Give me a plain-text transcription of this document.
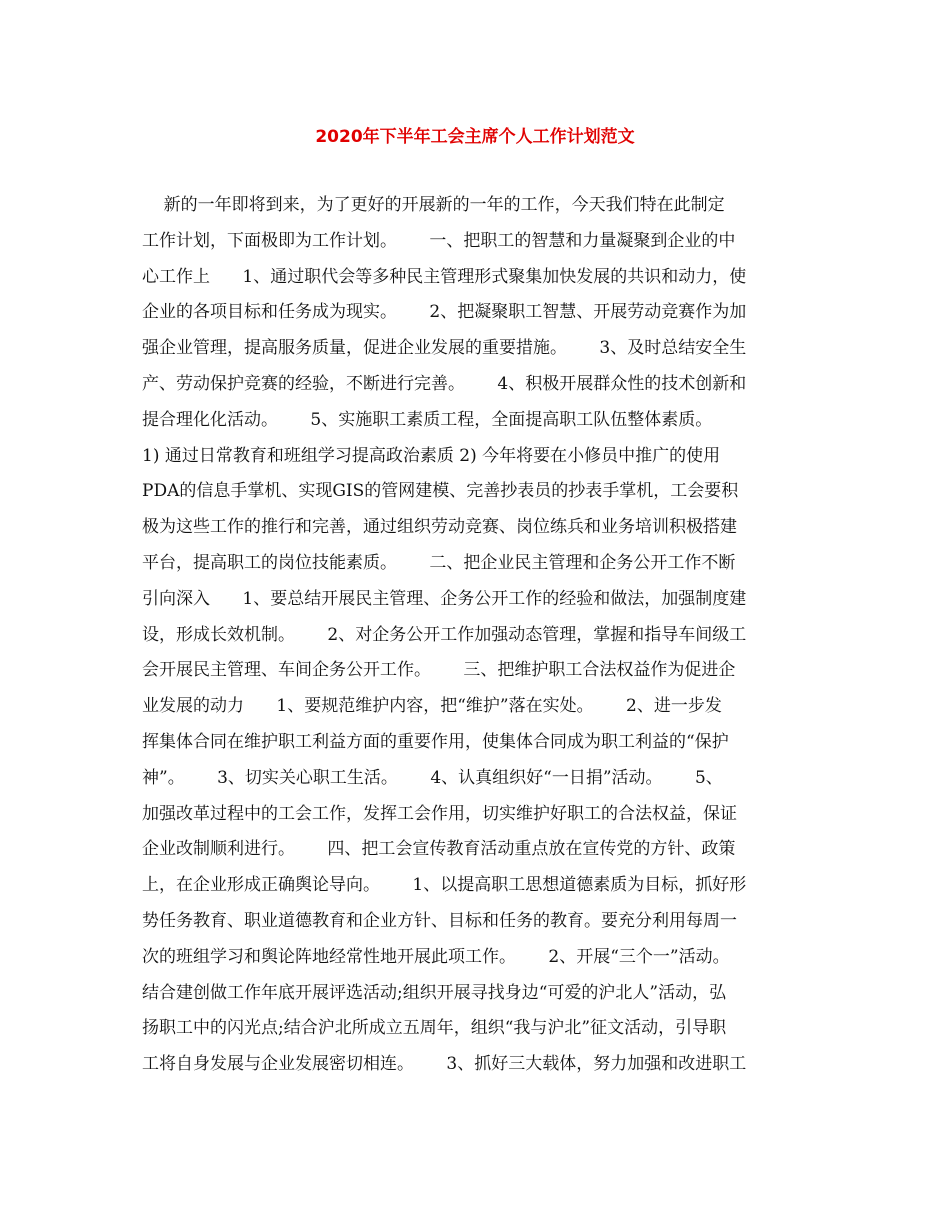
2020年下半年工会主席个人工作计划范文
新的一年即将到来，为了更好的开展新的一年的工作，今天我们特在此制定
工作计划，下面极即为工作计划。      一、把职工的智慧和力量凝聚到企业的中
心工作上      1、通过职代会等多种民主管理形式聚集加快发展的共识和动力，使
企业的各项目标和任务成为现实。      2、把凝聚职工智慧、开展劳动竞赛作为加
强企业管理，提高服务质量，促进企业发展的重要措施。      3、及时总结安全生
产、劳动保护竞赛的经验，不断进行完善。      4、积极开展群众性的技术创新和
提合理化化活动。      5、实施职工素质工程，全面提高职工队伍整体素质。
1) 通过日常教育和班组学习提高政治素质 2) 今年将要在小修员中推广的使用
PDA的信息手掌机、实现GIS的管网建模、完善抄表员的抄表手掌机，工会要积
极为这些工作的推行和完善，通过组织劳动竞赛、岗位练兵和业务培训积极搭建
平台，提高职工的岗位技能素质。      二、把企业民主管理和企务公开工作不断
引向深入      1、要总结开展民主管理、企务公开工作的经验和做法，加强制度建
设，形成长效机制。      2、对企务公开工作加强动态管理，掌握和指导车间级工
会开展民主管理、车间企务公开工作。      三、把维护职工合法权益作为促进企
业发展的动力      1、要规范维护内容，把“维护”落在实处。      2、进一步发
挥集体合同在维护职工利益方面的重要作用，使集体合同成为职工利益的“保护
神”。      3、切实关心职工生活。      4、认真组织好“一日捐”活动。      5、
加强改革过程中的工会工作，发挥工会作用，切实维护好职工的合法权益，保证
企业改制顺利进行。      四、把工会宣传教育活动重点放在宣传党的方针、政策
上，在企业形成正确舆论导向。      1、以提高职工思想道德素质为目标，抓好形
势任务教育、职业道德教育和企业方针、目标和任务的教育。要充分利用每周一
次的班组学习和舆论阵地经常性地开展此项工作。      2、开展“三个一”活动。
结合建创做工作年底开展评选活动;组织开展寻找身边“可爱的沪北人”活动，弘
扬职工中的闪光点;结合沪北所成立五周年，组织“我与沪北”征文活动，引导职
工将自身发展与企业发展密切相连。      3、抓好三大载体，努力加强和改进职工
